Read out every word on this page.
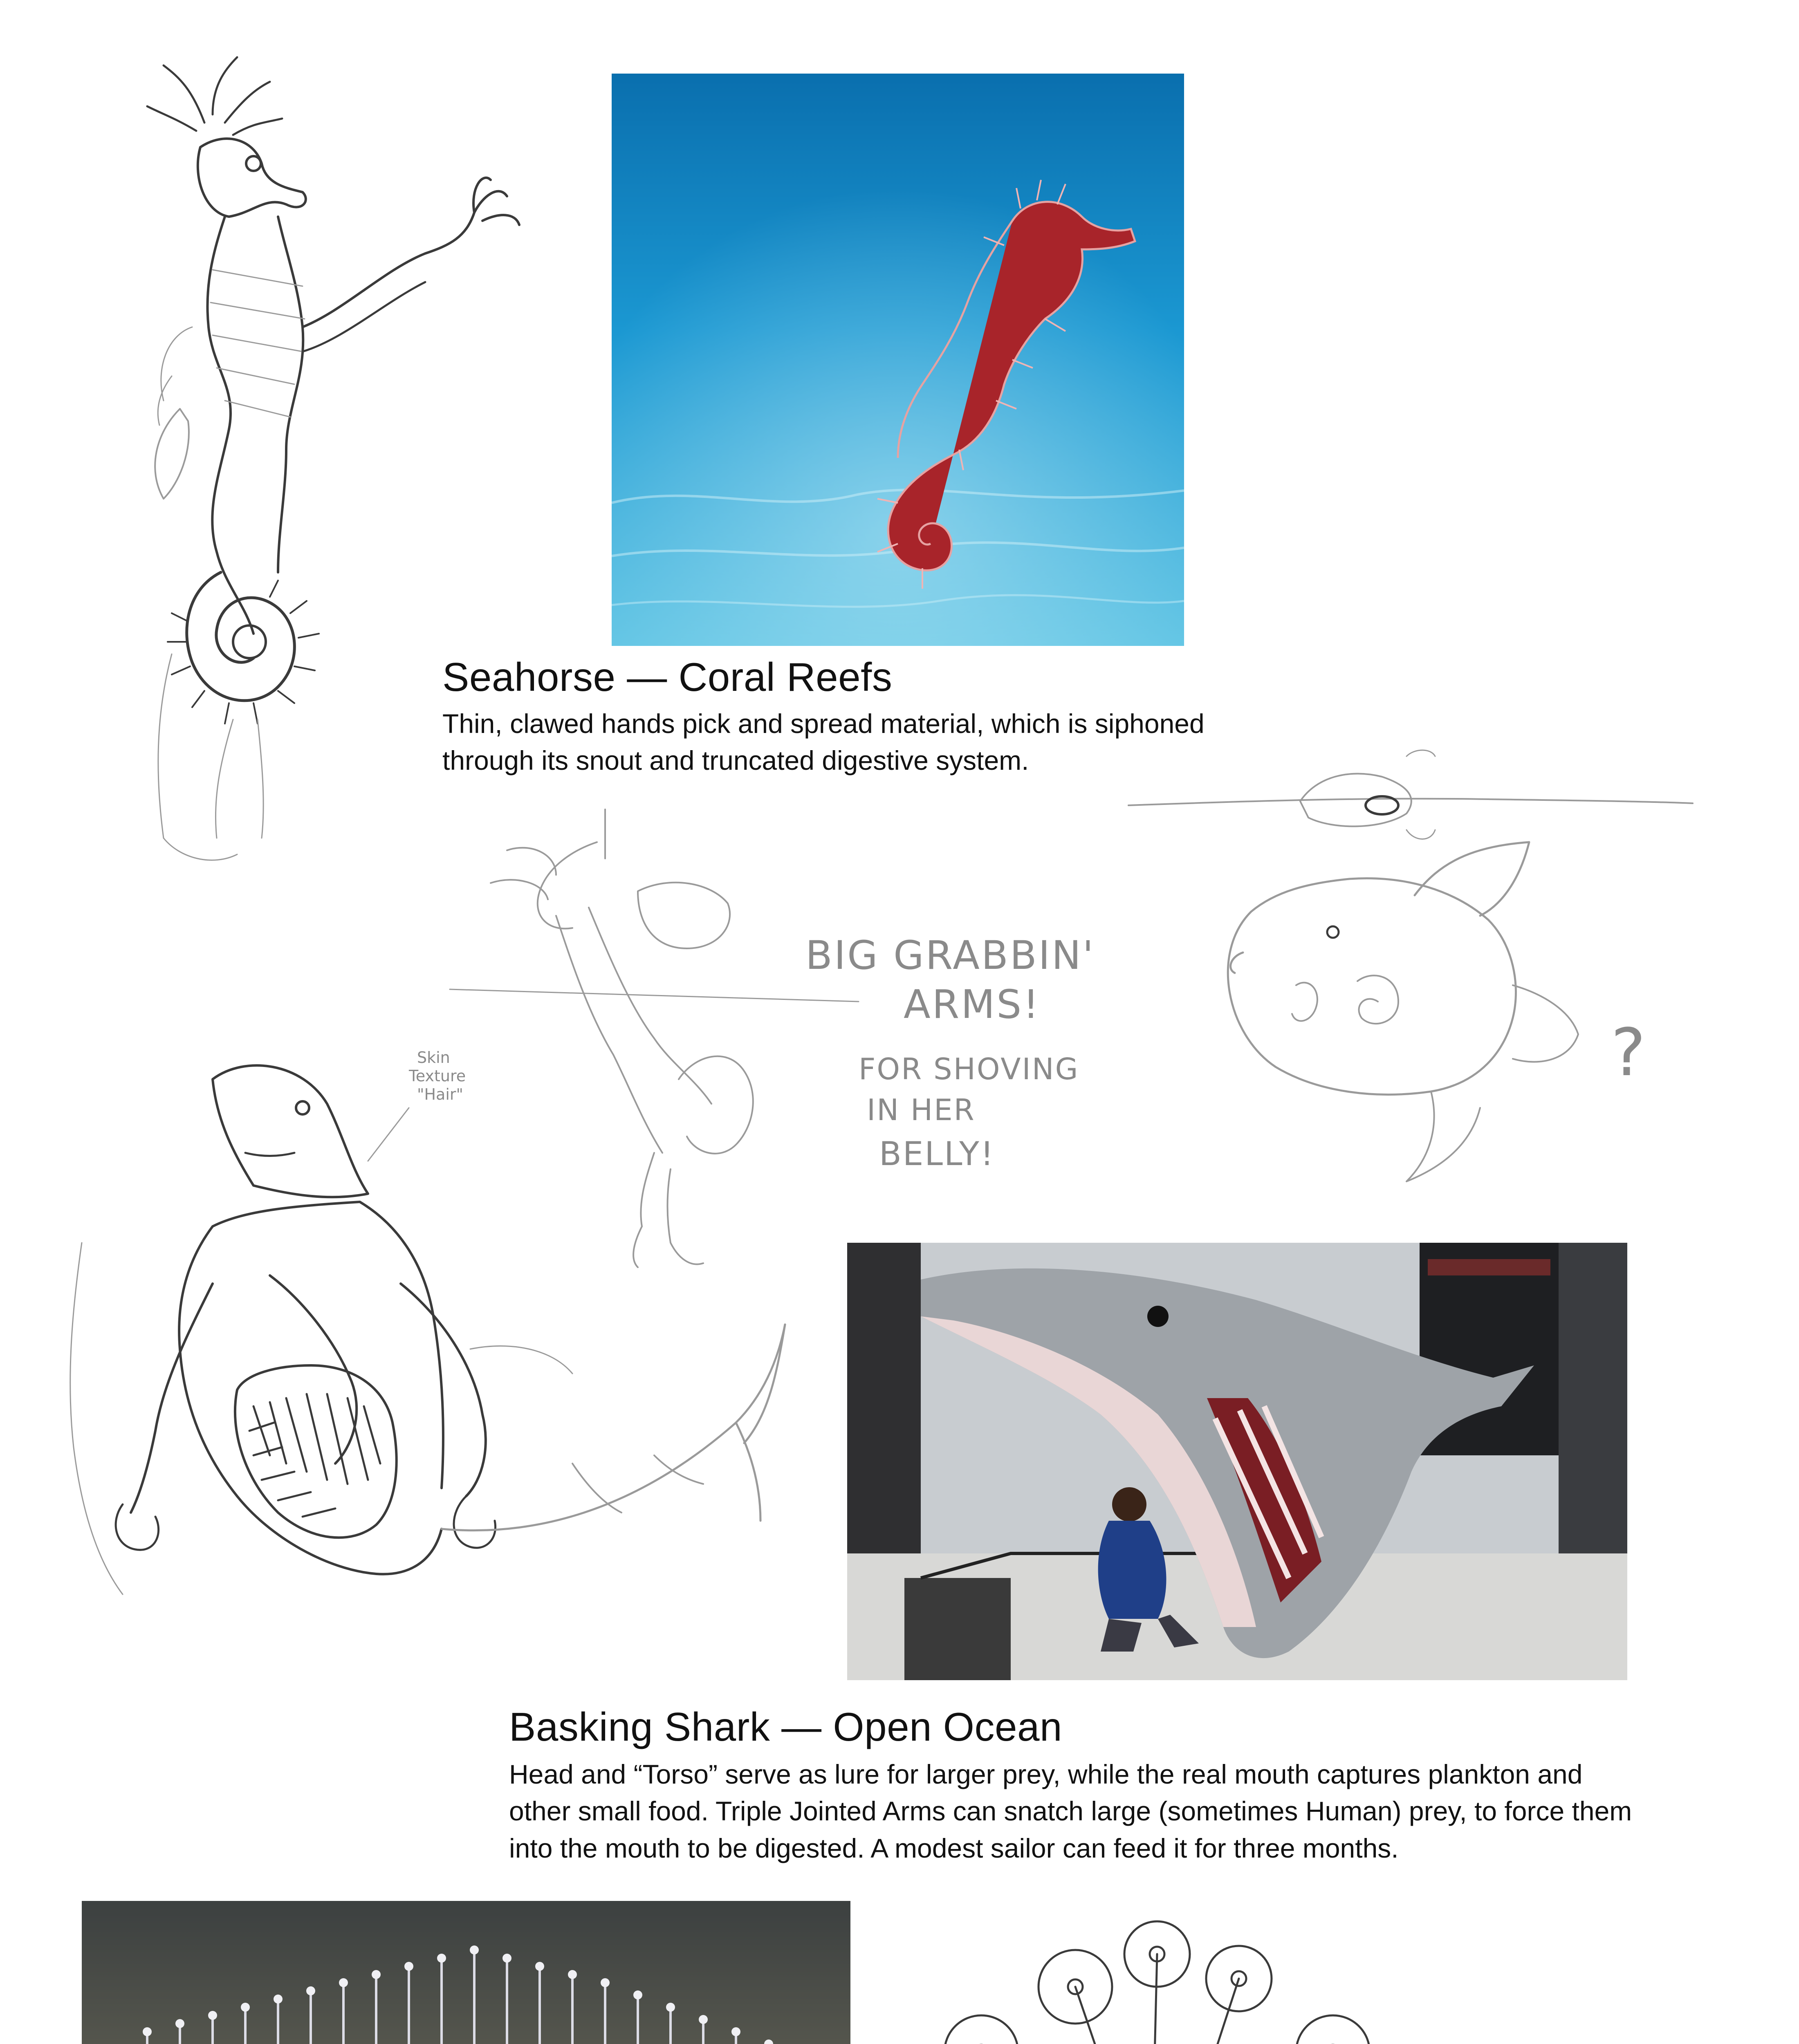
Seahorse — Coral Reefs

Thin, clawed hands pick and spread material, which is siphoned through its snout and truncated digestive system.

?
BIG GRABBIN'
ARMS!
FOR SHOVING
IN HER
BELLY!
Skin
Texture
"Hair"
Basking Shark — Open Ocean

Head and “Torso” serve as lure for larger prey, while the real mouth captures plankton and other small food. Triple Jointed Arms can snatch large (sometimes Human) prey, to force them into the mouth to be digested. A modest sailor can feed it for three months.
